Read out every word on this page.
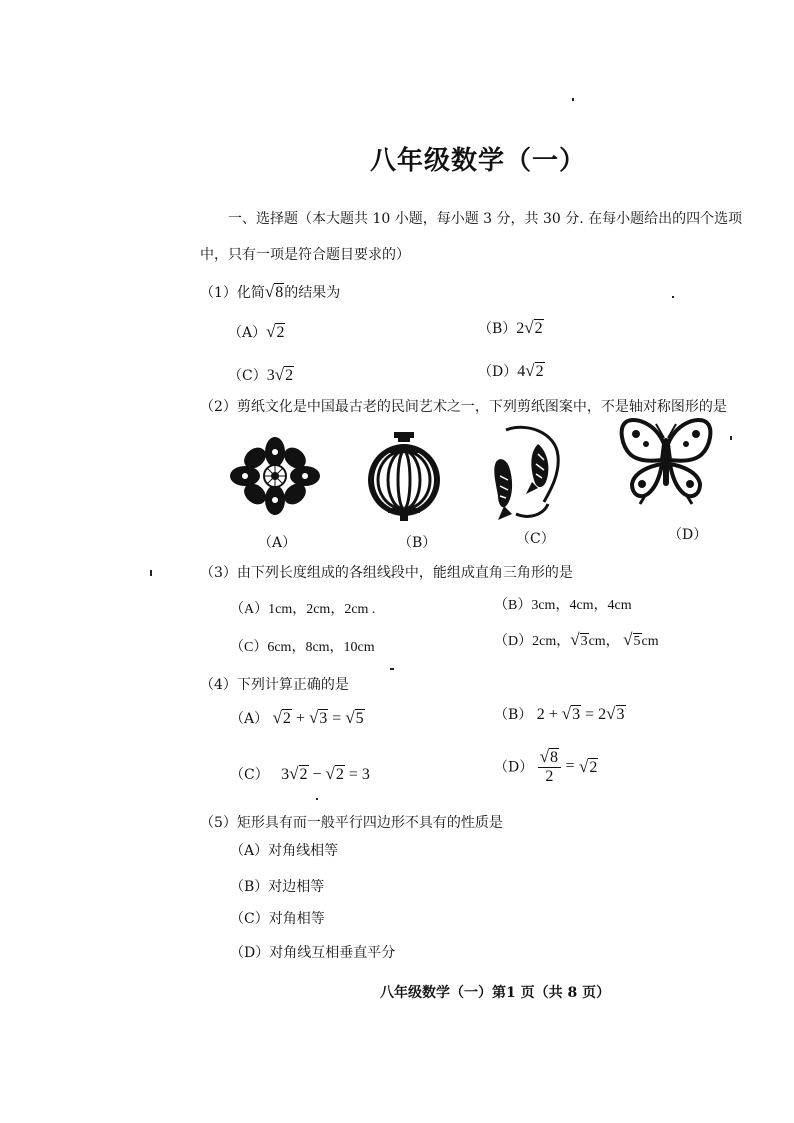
八年级数学（一）
一、选择题（本大题共 10 小题，每小题 3 分，共 30 分. 在每小题给出的四个选项
中，只有一项是符合题目要求的）
（1）化简√8的结果为
（A）√2	（B）2√2
（C）3√2	（D）4√2
（2）剪纸文化是中国最古老的民间艺术之一，下列剪纸图案中，不是轴对称图形的是
（A）	（B）	（C）	（D）
（3）由下列长度组成的各组线段中，能组成直角三角形的是
（A）1cm，2cm，2cm .	（B）3cm，4cm，4cm
（C）6cm，8cm，10cm	（D）2cm，√3cm， √5cm
（4）下列计算正确的是
（A） √2 + √3 = √5	（B） 2 + √3 = 2√3
（C） 3√2 − √2 = 3	$(D) \frac{√8}{2} = √2$
（5）矩形具有而一般平行四边形不具有的性质是
（A）对角线相等
（B）对边相等
（C）对角相等
（D）对角线互相垂直平分
八年级数学（一）第1 页（共 8 页）
